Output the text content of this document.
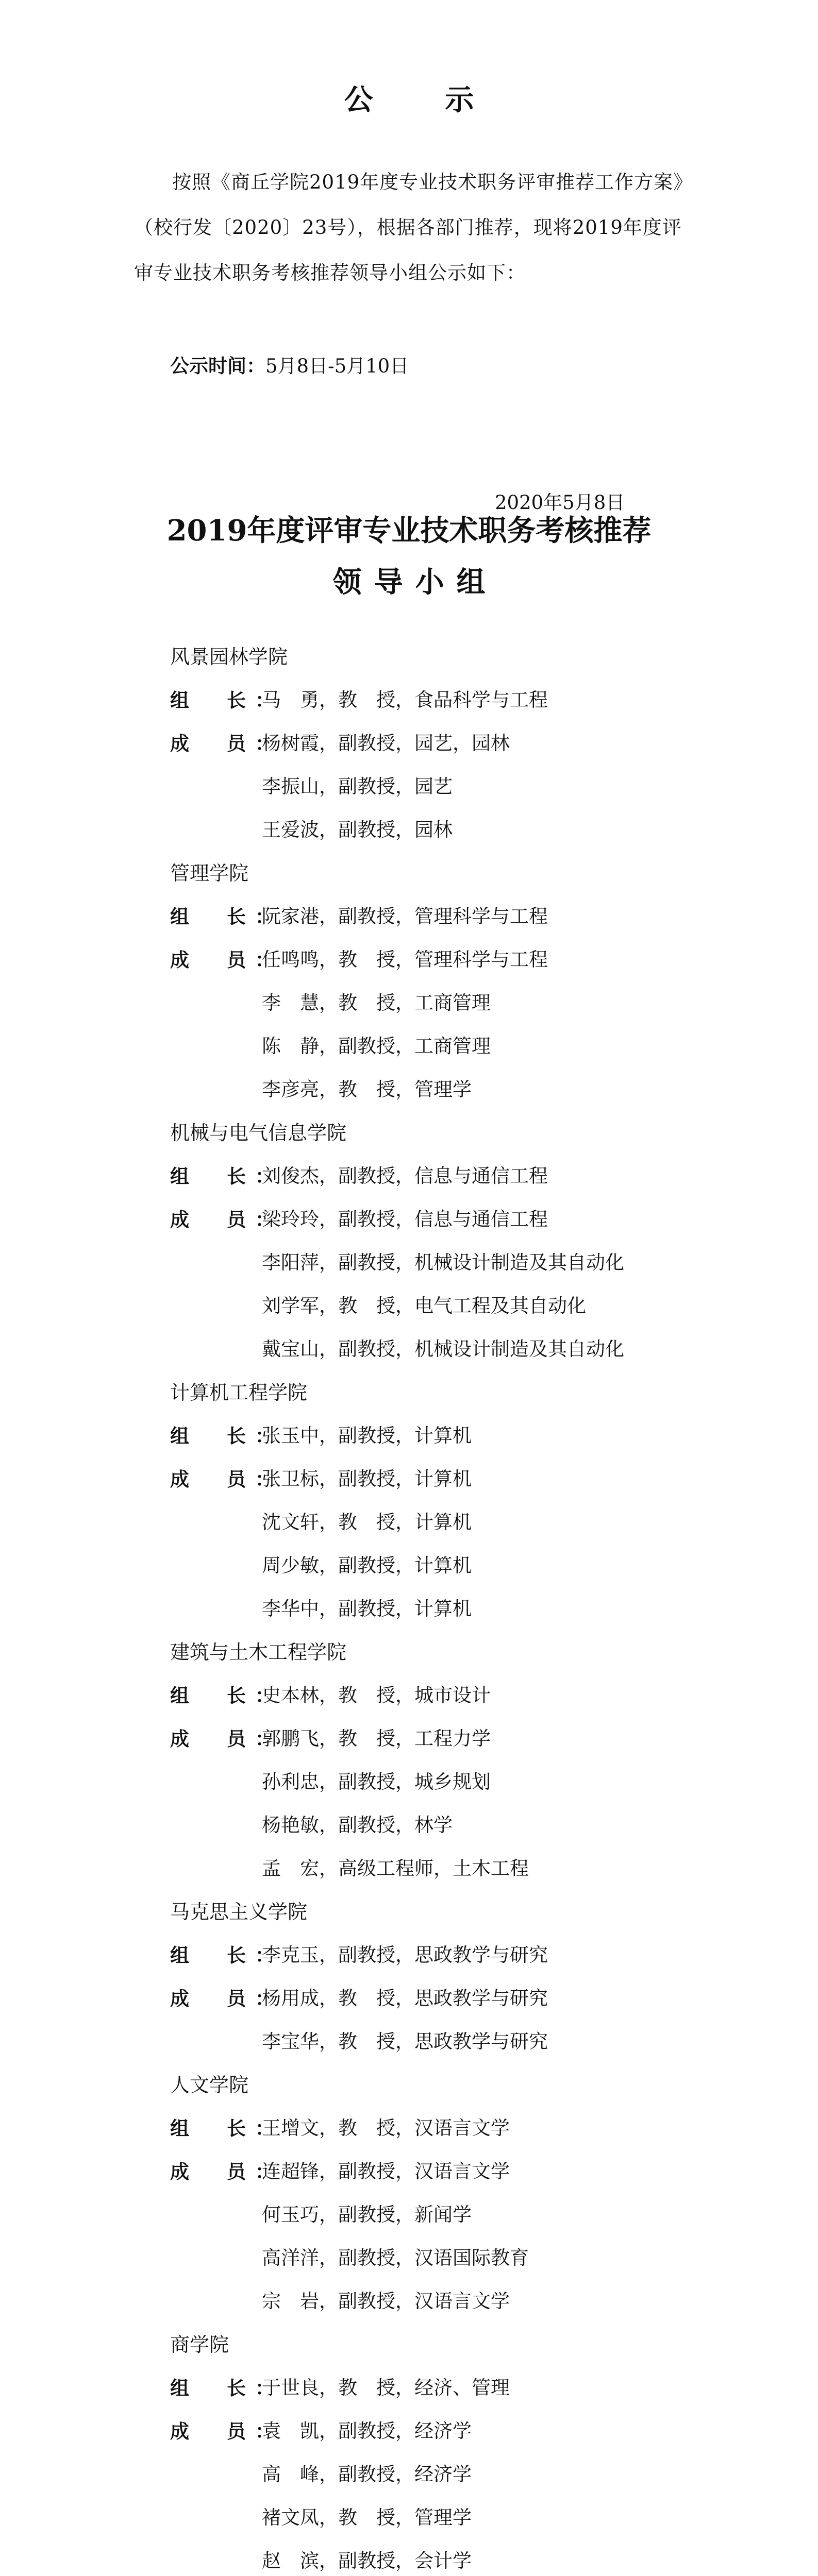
公 示
按照《商丘学院2019年度专业技术职务评审推荐工作方案》（校行发〔2020〕23号），根据各部门推荐，现将2019年度评审专业技术职务考核推荐领导小组公示如下：
公示时间：5月8日-5月10日
2020年5月8日
2019年度评审专业技术职务考核推荐
领导小组
风景园林学院
组　长：
马　勇，教　授，食品科学与工程
成　员：
杨树霞，副教授，园艺，园林
李振山，副教授，园艺
王爱波，副教授，园林
管理学院
组　长：
阮家港，副教授，管理科学与工程
成　员：
任鸣鸣，教　授，管理科学与工程
李　慧，教　授，工商管理
陈　静，副教授，工商管理
李彦亮，教　授，管理学
机械与电气信息学院
组　长：
刘俊杰，副教授，信息与通信工程
成　员：
梁玲玲，副教授，信息与通信工程
李阳萍，副教授，机械设计制造及其自动化
刘学军，教　授，电气工程及其自动化
戴宝山，副教授，机械设计制造及其自动化
计算机工程学院
组　长：
张玉中，副教授，计算机
成　员：
张卫标，副教授，计算机
沈文轩，教　授，计算机
周少敏，副教授，计算机
李华中，副教授，计算机
建筑与土木工程学院
组　长：
史本林，教　授，城市设计
成　员：
郭鹏飞，教　授，工程力学
孙利忠，副教授，城乡规划
杨艳敏，副教授，林学
孟　宏，高级工程师，土木工程
马克思主义学院
组　长：
李克玉，副教授，思政教学与研究
成　员：
杨用成，教　授，思政教学与研究
李宝华，教　授，思政教学与研究
人文学院
组　长：
王增文，教　授，汉语言文学
成　员：
连超锋，副教授，汉语言文学
何玉巧，副教授，新闻学
高洋洋，副教授，汉语国际教育
宗　岩，副教授，汉语言文学
商学院
组　长：
于世良，教　授，经济、管理
成　员：
袁　凯，副教授，经济学
高　峰，副教授，经济学
褚文凤，教　授，管理学
赵　滨，副教授，会计学
